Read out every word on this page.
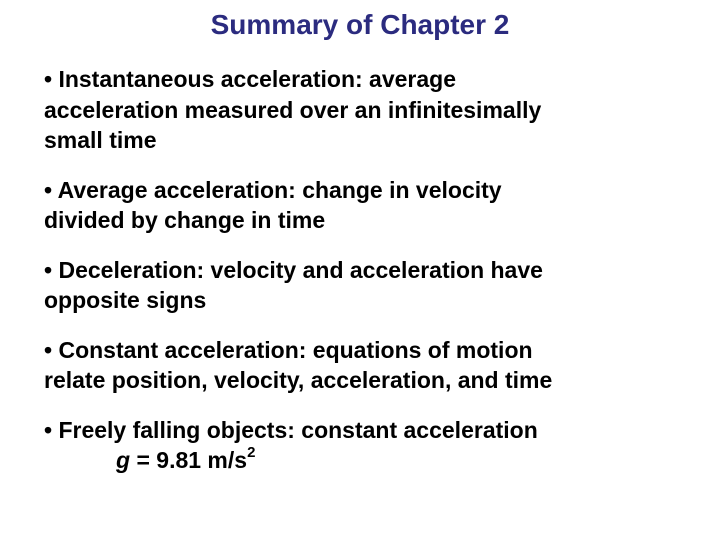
Summary of Chapter 2
• Instantaneous acceleration: average
acceleration measured over an infinitesimally
small time
• Average acceleration: change in velocity
divided by change in time
• Deceleration: velocity and acceleration have
opposite signs
• Constant acceleration: equations of motion
relate position, velocity, acceleration, and time
• Freely falling objects: constant acceleration
g = 9.81 $m/s^2$
